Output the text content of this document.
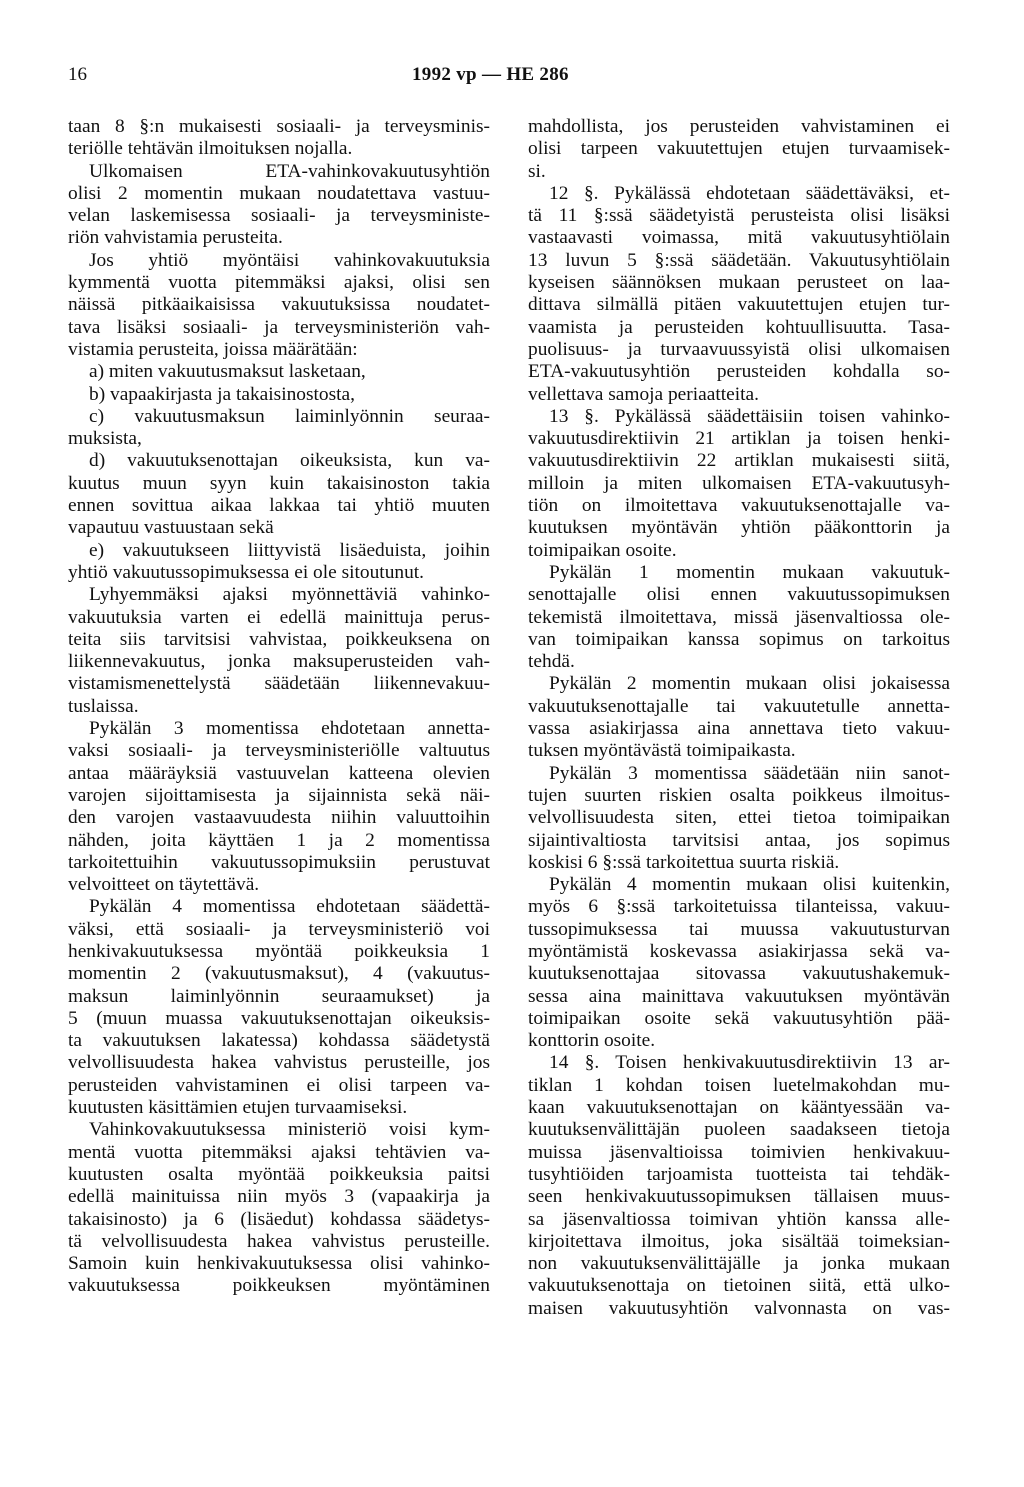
16	1992 vp — HE 286

taan 8 §:n mukaisesti sosiaali- ja terveysminis-

teriölle tehtävän ilmoituksen nojalla.

Ulkomaisen ETA-vahinkovakuutusyhtiön

olisi 2 momentin mukaan noudatettava vastuu-

velan laskemisessa sosiaali- ja terveysministe-

riön vahvistamia perusteita.

Jos yhtiö myöntäisi vahinkovakuutuksia

kymmentä vuotta pitemmäksi ajaksi, olisi sen

näissä pitkäaikaisissa vakuutuksissa noudatet-

tava lisäksi sosiaali- ja terveysministeriön vah-

vistamia perusteita, joissa määrätään:

a) miten vakuutusmaksut lasketaan,

b) vapaakirjasta ja takaisinostosta,

c) vakuutusmaksun laiminlyönnin seuraa-

muksista,

d) vakuutuksenottajan oikeuksista, kun va-

kuutus muun syyn kuin takaisinoston takia

ennen sovittua aikaa lakkaa tai yhtiö muuten

vapautuu vastuustaan sekä

e) vakuutukseen liittyvistä lisäeduista, joihin

yhtiö vakuutussopimuksessa ei ole sitoutunut.

Lyhyemmäksi ajaksi myönnettäviä vahinko-

vakuutuksia varten ei edellä mainittuja perus-

teita siis tarvitsisi vahvistaa, poikkeuksena on

liikennevakuutus, jonka maksuperusteiden vah-

vistamismenettelystä säädetään liikennevakuu-

tuslaissa.

Pykälän 3 momentissa ehdotetaan annetta-

vaksi sosiaali- ja terveysministeriölle valtuutus

antaa määräyksiä vastuuvelan katteena olevien

varojen sijoittamisesta ja sijainnista sekä näi-

den varojen vastaavuudesta niihin valuuttoihin

nähden, joita käyttäen 1 ja 2 momentissa

tarkoitettuihin vakuutussopimuksiin perustuvat

velvoitteet on täytettävä.

Pykälän 4 momentissa ehdotetaan säädettä-

väksi, että sosiaali- ja terveysministeriö voi

henkivakuutuksessa myöntää poikkeuksia 1

momentin 2 (vakuutusmaksut), 4 (vakuutus-

maksun laiminlyönnin seuraamukset) ja

5 (muun muassa vakuutuksenottajan oikeuksis-

ta vakuutuksen lakatessa) kohdassa säädetystä

velvollisuudesta hakea vahvistus perusteille, jos

perusteiden vahvistaminen ei olisi tarpeen va-

kuutusten käsittämien etujen turvaamiseksi.

Vahinkovakuutuksessa ministeriö voisi kym-

mentä vuotta pitemmäksi ajaksi tehtävien va-

kuutusten osalta myöntää poikkeuksia paitsi

edellä mainituissa niin myös 3 (vapaakirja ja

takaisinosto) ja 6 (lisäedut) kohdassa säädetys-

tä velvollisuudesta hakea vahvistus perusteille.

Samoin kuin henkivakuutuksessa olisi vahinko-

vakuutuksessa poikkeuksen myöntäminen

mahdollista, jos perusteiden vahvistaminen ei

olisi tarpeen vakuutettujen etujen turvaamisek-

si.

12 §. Pykälässä ehdotetaan säädettäväksi, et-

tä 11 §:ssä säädetyistä perusteista olisi lisäksi

vastaavasti voimassa, mitä vakuutusyhtiölain

13 luvun 5 §:ssä säädetään. Vakuutusyhtiölain

kyseisen säännöksen mukaan perusteet on laa-

dittava silmällä pitäen vakuutettujen etujen tur-

vaamista ja perusteiden kohtuullisuutta. Tasa-

puolisuus- ja turvaavuussyistä olisi ulkomaisen

ETA-vakuutusyhtiön perusteiden kohdalla so-

vellettava samoja periaatteita.

13 §. Pykälässä säädettäisiin toisen vahinko-

vakuutusdirektiivin 21 artiklan ja toisen henki-

vakuutusdirektiivin 22 artiklan mukaisesti siitä,

milloin ja miten ulkomaisen ETA-vakuutusyh-

tiön on ilmoitettava vakuutuksenottajalle va-

kuutuksen myöntävän yhtiön pääkonttorin ja

toimipaikan osoite.

Pykälän 1 momentin mukaan vakuutuk-

senottajalle olisi ennen vakuutussopimuksen

tekemistä ilmoitettava, missä jäsenvaltiossa ole-

van toimipaikan kanssa sopimus on tarkoitus

tehdä.

Pykälän 2 momentin mukaan olisi jokaisessa

vakuutuksenottajalle tai vakuutetulle annetta-

vassa asiakirjassa aina annettava tieto vakuu-

tuksen myöntävästä toimipaikasta.

Pykälän 3 momentissa säädetään niin sanot-

tujen suurten riskien osalta poikkeus ilmoitus-

velvollisuudesta siten, ettei tietoa toimipaikan

sijaintivaltiosta tarvitsisi antaa, jos sopimus

koskisi 6 §:ssä tarkoitettua suurta riskiä.

Pykälän 4 momentin mukaan olisi kuitenkin,

myös 6 §:ssä tarkoitetuissa tilanteissa, vakuu-

tussopimuksessa tai muussa vakuutusturvan

myöntämistä koskevassa asiakirjassa sekä va-

kuutuksenottajaa sitovassa vakuutushakemuk-

sessa aina mainittava vakuutuksen myöntävän

toimipaikan osoite sekä vakuutusyhtiön pää-

konttorin osoite.

14 §. Toisen henkivakuutusdirektiivin 13 ar-

tiklan 1 kohdan toisen luetelmakohdan mu-

kaan vakuutuksenottajan on kääntyessään va-

kuutuksenvälittäjän puoleen saadakseen tietoja

muissa jäsenvaltioissa toimivien henkivakuu-

tusyhtiöiden tarjoamista tuotteista tai tehdäk-

seen henkivakuutussopimuksen tällaisen muus-

sa jäsenvaltiossa toimivan yhtiön kanssa alle-

kirjoitettava ilmoitus, joka sisältää toimeksian-

non vakuutuksenvälittäjälle ja jonka mukaan

vakuutuksenottaja on tietoinen siitä, että ulko-

maisen vakuutusyhtiön valvonnasta on vas-
